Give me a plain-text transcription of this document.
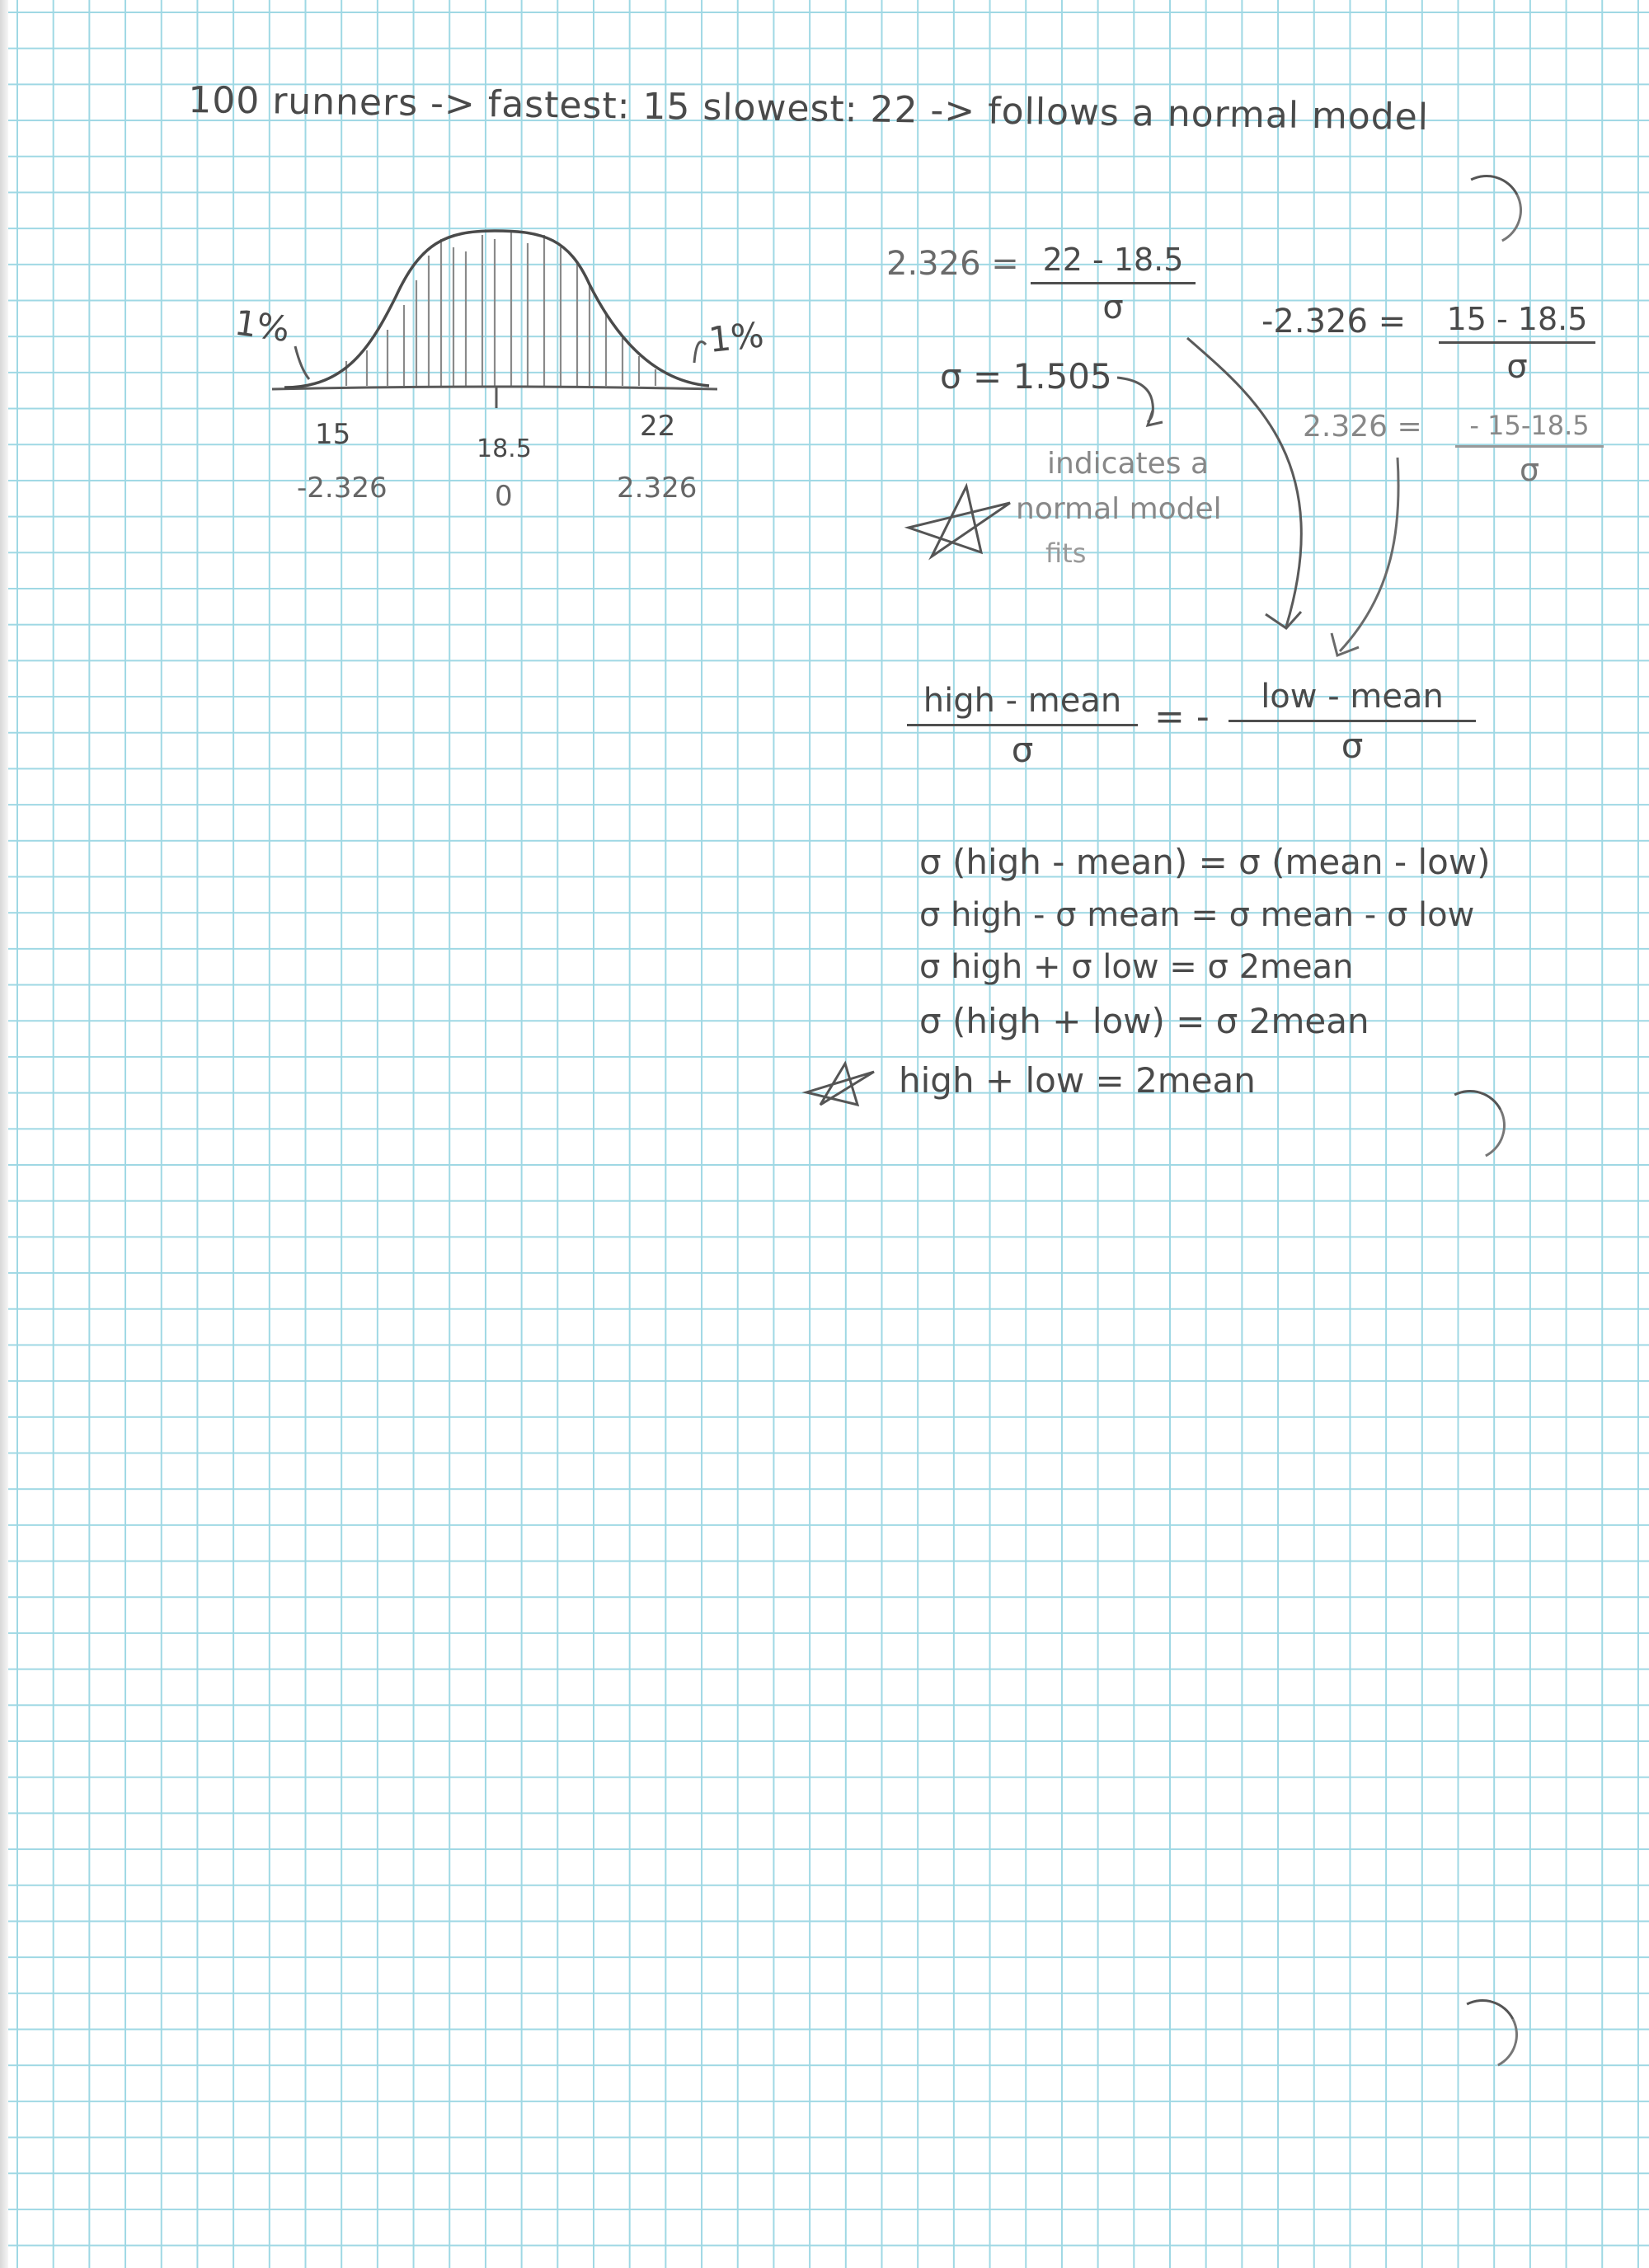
100 runners -> fastest: 15 slowest: 22 -> follows a normal model
1%	1%
15	18.5
22
-2.326	0	2.326
2.326 = 22 - 18.5
σ	-2.326 = 15 - 18.5
σ
σ = 1.505
2.326 =	- 15-18.5
σ
indicates a
normal model
fits
high - mean
σ
= -	low - mean
σ
σ (high - mean) = σ (mean - low)
σ high - σ mean = σ mean - σ low
σ high + σ low = σ 2mean
σ (high + low) = σ 2mean
high + low = 2mean
